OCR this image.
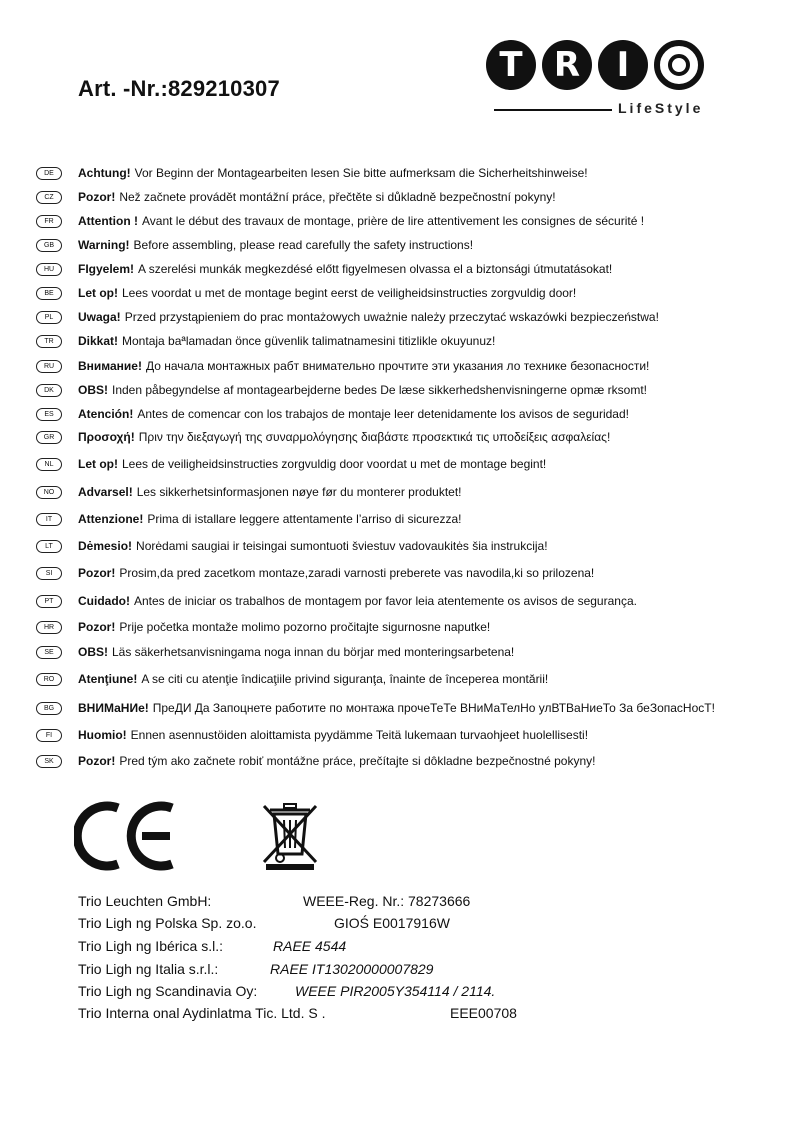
Art. -Nr.:829210307
T R	I
LifeStyle
DE	Achtung! Vor Beginn der Montagearbeiten lesen Sie bitte aufmerksam die Sicherheitshinweise!
CZ	Pozor! Než začnete provádět montážní práce, přečtěte si důkladně bezpečnostní pokyny!
FR	Attention ! Avant le début des travaux de montage, prière de lire attentivement les consignes de sécurité !
GB	Warning! Before assembling, please read carefully the safety instructions!
HU	FIgyelem! A szerelési munkák megkezdésé előtt figyelmesen olvassa el a biztonsági útmutatásokat!
BE	Let op! Lees voordat u met de montage begint eerst de veiligheidsinstructies zorgvuldig door!
PL	Uwaga! Przed przystąpieniem do prac montażowych uważnie należy przeczytać wskazówki bezpieczeństwa!
TR	Dikkat! Montaja baªlamadan önce güvenlik talimatnamesini titizlikle okuyunuz!
RU	Внимание! До начала монтажных рабт внимательно прочтите эти указания ло технике безопасности!
DK	OBS! Inden påbegyndelse af montagearbejderne bedes De læse sikkerhedshenvisningerne opmæ rksomt!
ES	Atención! Antes de comencar con los trabajos de montaje leer detenidamente los avisos de seguridad!
GR	Προσοχή! Πριν την διεξαγωγή της συναρμολόγησης διαβάστε προσεκτικά τις υποδείξεις ασφαλείας!
NL	Let op! Lees de veiligheidsinstructies zorgvuldig door voordat u met de montage begint!
NO	Advarsel! Les sikkerhetsinformasjonen nøye før du monterer produktet!
IT	Attenzione! Prima di istallare leggere attentamente l’arriso di sicurezza!
LT	Dėmesio! Norėdami saugiai ir teisingai sumontuoti šviestuv vadovaukitės šia instrukcija!
SI	Pozor! Prosim,da pred zacetkom montaze,zaradi varnosti preberete vas navodila,ki so prilozena!
PT	Cuidado! Antes de iniciar os trabalhos de montagem por favor leia atentemente os avisos de segurança.
HR	Pozor! Prije početka montaže molimo pozorno pročitajte sigurnosne naputke!
SE	OBS! Läs säkerhetsanvisningama noga innan du börjar med monteringsarbetena!
RO	Atenţiune! A se citi cu atenţie îndicaţiile privind siguranţa, înainte de începerea montării!
BG	ВНИМаНИе! ПреДИ Да Запоцнете работите по монтажа прочеТеТе ВНиМаТелНо улВТВаНиеТо За беЗопасНосТ!
FI	Huomio! Ennen asennustöiden aloittamista pyydämme Teitä lukemaan turvaohjeet huolellisesti!
SK	Pozor! Pred tým ako začnete robiť montážne práce, prečítajte si dôkladne bezpečnostné pokyny!
Trio Leuchten GmbH:	WEEE-Reg. Nr.: 78273666
Trio Ligh ng Polska Sp. zo.o.	GIOŚ E0017916W
Trio Ligh ng Ibérica s.l.:	RAEE 4544
Trio Ligh ng Italia s.r.l.:	RAEE IT13020000007829
Trio Ligh ng Scandinavia Oy:	WEEE PIR2005Y354114 / 2114.
Trio Interna onal Aydinlatma Tic. Ltd. S .	EEE00708
